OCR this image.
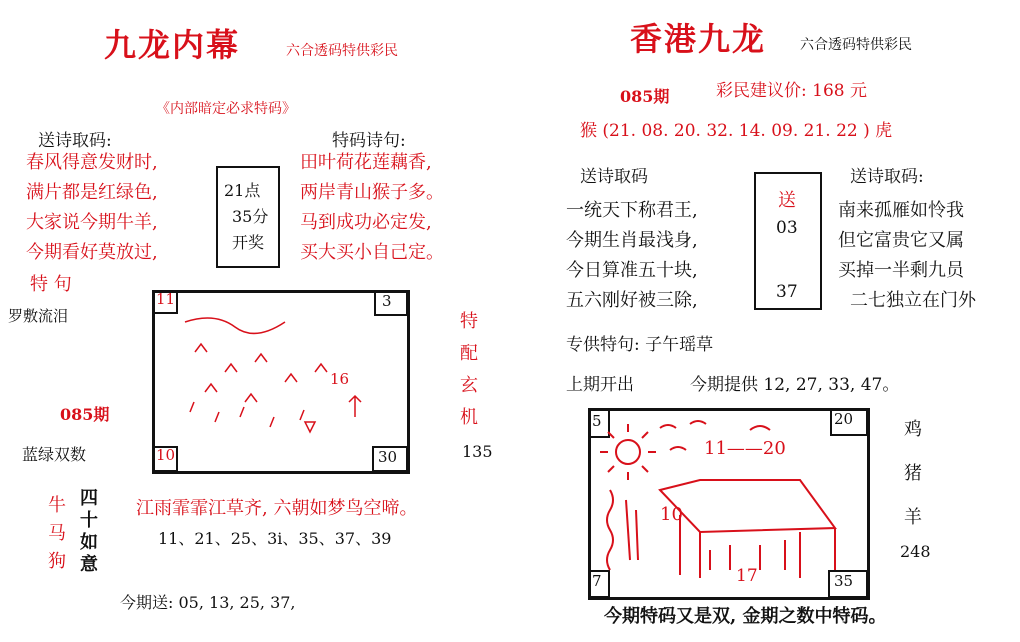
九龙内幕	六合透码特供彩民
《内部暗定必求特码》
送诗取码:
春风得意发财时,
满片都是红绿色,
大家说今期牛羊,
今期看好莫放过,
21点
35分
开奖
特码诗句:
田叶荷花莲藕香,
两岸青山猴子多。
马到成功必定发,
买大买小自己定。
特 句
罗敷流泪
085期
蓝绿双数
11	3
10	30
16
特
配
玄
机
135
牛
马
狗
四
十
如
意
江雨霏霏江草齐, 六朝如梦鸟空啼。
11、21、25、3i、35、37、39
今期送: 05, 13, 25, 37,
香港九龙 六合透码特供彩民
085期	彩民建议价: 168 元
猴 (21. 08. 20. 32. 14. 09. 21. 22 ) 虎
送诗取码
一统天下称君王,
今期生肖最浅身,
今日算准五十块,
五六刚好被三除,
送
03
37
送诗取码:
南来孤雁如怜我
但它富贵它又属
买掉一半剩九员
二七独立在门外
专供特句: 子午瑶草
上期开出	今期提供 12, 27, 33, 47。
5	20
7	35
11——20
10
17
鸡
猪
羊
248
今期特码又是双, 金期之数中特码。
